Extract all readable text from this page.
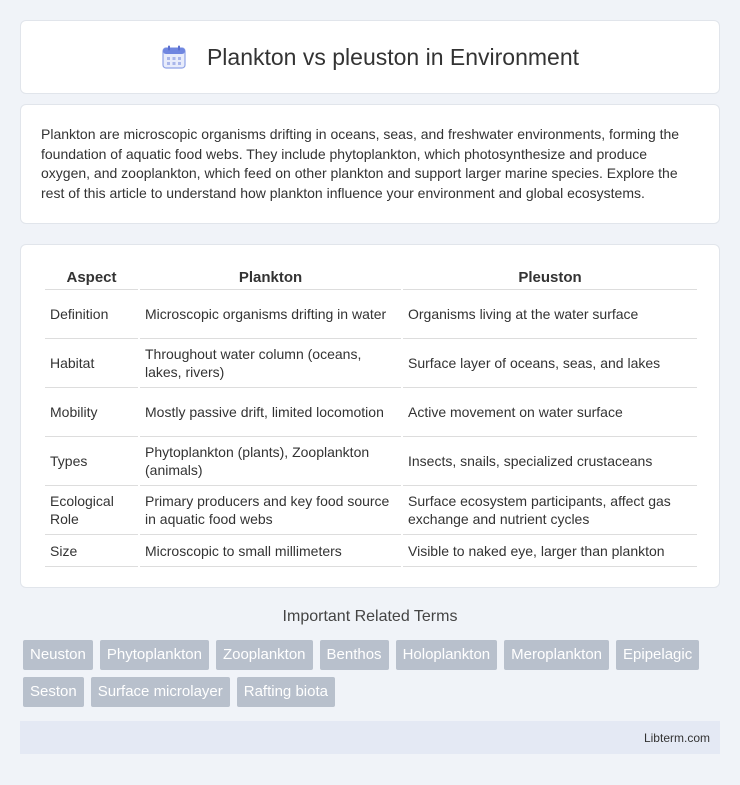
Plankton vs pleuston in Environment

Plankton are microscopic organisms drifting in oceans, seas, and freshwater environments, forming the foundation of aquatic food webs. They include phytoplankton, which photosynthesize and produce oxygen, and zooplankton, which feed on other plankton and support larger marine species. Explore the rest of this article to understand how plankton influence your environment and global ecosystems.

Aspect	Plankton	Pleuston
Definition	Microscopic organisms drifting in water	Organisms living at the water surface
Habitat	Throughout water column (oceans, lakes, rivers)	Surface layer of oceans, seas, and lakes
Mobility	Mostly passive drift, limited locomotion	Active movement on water surface
Types	Phytoplankton (plants), Zooplankton (animals)	Insects, snails, specialized crustaceans
Ecological Role	Primary producers and key food source in aquatic food webs	Surface ecosystem participants, affect gas exchange and nutrient cycles
Size	Microscopic to small millimeters	Visible to naked eye, larger than plankton
Important Related Terms
Neuston	Phytoplankton	Zooplankton	Benthos	Holoplankton	Meroplankton	Epipelagic
Seston	Surface microlayer	Rafting biota
Libterm.com
